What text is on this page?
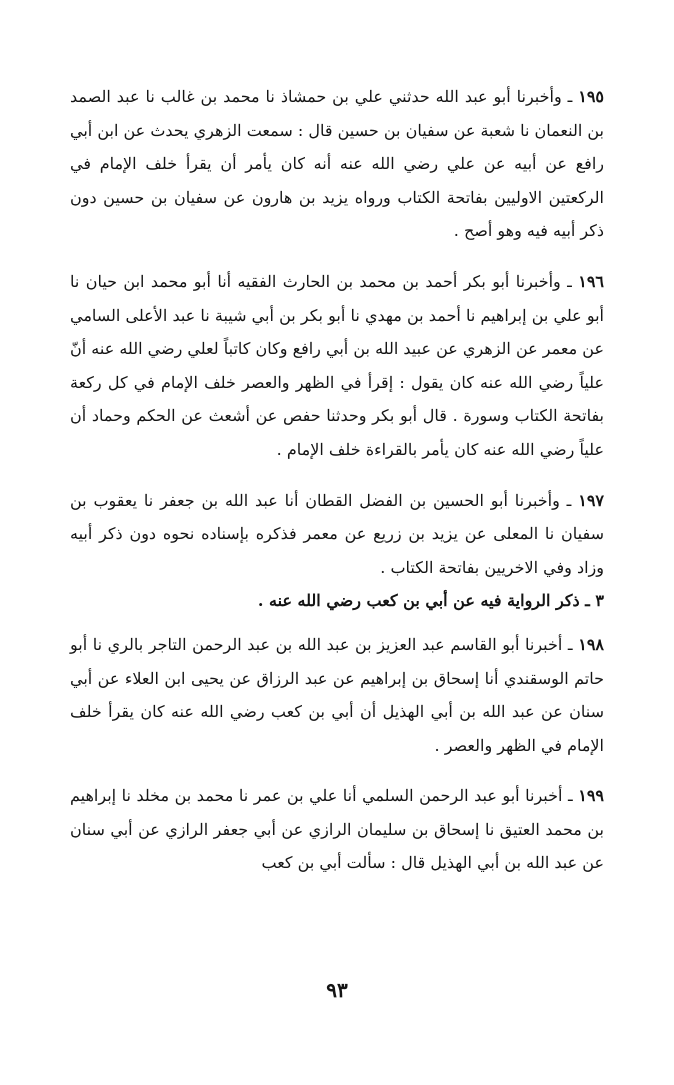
١٩٥ ـ وأخبرنا أبو عبد الله حدثني علي بن حمشاذ نا محمد بن غالب نا عبد الصمد بن النعمان نا شعبة عن سفيان بن حسين قال : سمعت الزهري يحدث عن ابن أبي رافع عن أبيه عن علي رضي الله عنه أنه كان يأمر أن يقرأ خلف الإمام في الركعتين الاوليين بفاتحة الكتاب ورواه يزيد بن هارون عن سفيان بن حسين دون ذكر أبيه فيه وهو أصح .

١٩٦ ـ وأخبرنا أبو بكر أحمد بن محمد بن الحارث الفقيه أنا أبو محمد ابن حيان نا أبو علي بن إبراهيم نا أحمد بن مهدي نا أبو بكر بن أبي شيبة نا عبد الأعلى السامي عن معمر عن الزهري عن عبيد الله بن أبي رافع وكان كاتباً لعلي رضي الله عنه أنّ علياً رضي الله عنه كان يقول : إقرأ في الظهر والعصر خلف الإمام في كل ركعة بفاتحة الكتاب وسورة . قال أبو بكر وحدثنا حفص عن أشعث عن الحكم وحماد أن علياً رضي الله عنه كان يأمر بالقراءة خلف الإمام .

١٩٧ ـ وأخبرنا أبو الحسين بن الفضل القطان أنا عبد الله بن جعفر نا يعقوب بن سفيان نا المعلى عن يزيد بن زريع عن معمر فذكره بإسناده نحوه دون ذكر أبيه وزاد وفي الاخريين بفاتحة الكتاب .

٣ ـ ذكر الرواية فيه عن أبي بن كعب رضي الله عنه .

١٩٨ ـ أخبرنا أبو القاسم عبد العزيز بن عبد الله بن عبد الرحمن التاجر بالري نا أبو حاتم الوسقندي أنا إسحاق بن إبراهيم عن عبد الرزاق عن يحيى ابن العلاء عن أبي سنان عن عبد الله بن أبي الهذيل أن أبي بن كعب رضي الله عنه كان يقرأ خلف الإمام في الظهر والعصر .

١٩٩ ـ أخبرنا أبو عبد الرحمن السلمي أنا علي بن عمر نا محمد بن مخلد نا إبراهيم بن محمد العتيق نا إسحاق بن سليمان الرازي عن أبي جعفر الرازي عن أبي سنان عن عبد الله بن أبي الهذيل قال : سألت أبي بن كعب

٩٣
